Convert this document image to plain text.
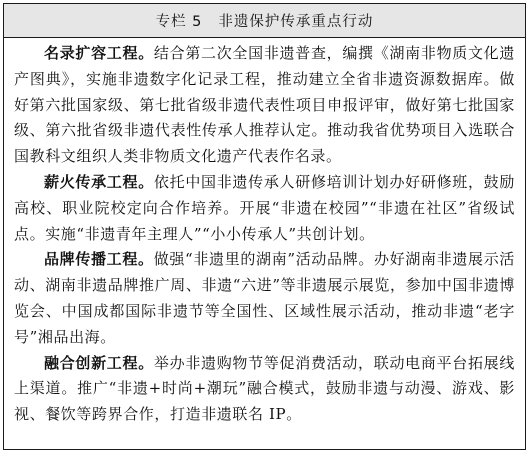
专栏 5 非遗保护传承重点行动

名录扩容工程。结合第二次全国非遗普查，编撰《湖南非物质文化遗产图典》，实施非遗数字化记录工程，推动建立全省非遗资源数据库。做好第六批国家级、第七批省级非遗代表性项目申报评审，做好第七批国家级、第六批省级非遗代表性传承人推荐认定。推动我省优势项目入选联合国教科文组织人类非物质文化遗产代表作名录。

薪火传承工程。依托中国非遗传承人研修培训计划办好研修班，鼓励高校、职业院校定向合作培养。开展“非遗在校园”“非遗在社区”省级试点。实施“非遗青年主理人”“小小传承人”共创计划。

品牌传播工程。做强“非遗里的湖南”活动品牌。办好湖南非遗展示活动、湖南非遗品牌推广周、非遗“六进”等非遗展示展览，参加中国非遗博览会、中国成都国际非遗节等全国性、区域性展示活动，推动非遗“老字号”湘品出海。

融合创新工程。举办非遗购物节等促消费活动，联动电商平台拓展线上渠道。推广“非遗+时尚+潮玩”融合模式，鼓励非遗与动漫、游戏、影视、餐饮等跨界合作，打造非遗联名 IP。
